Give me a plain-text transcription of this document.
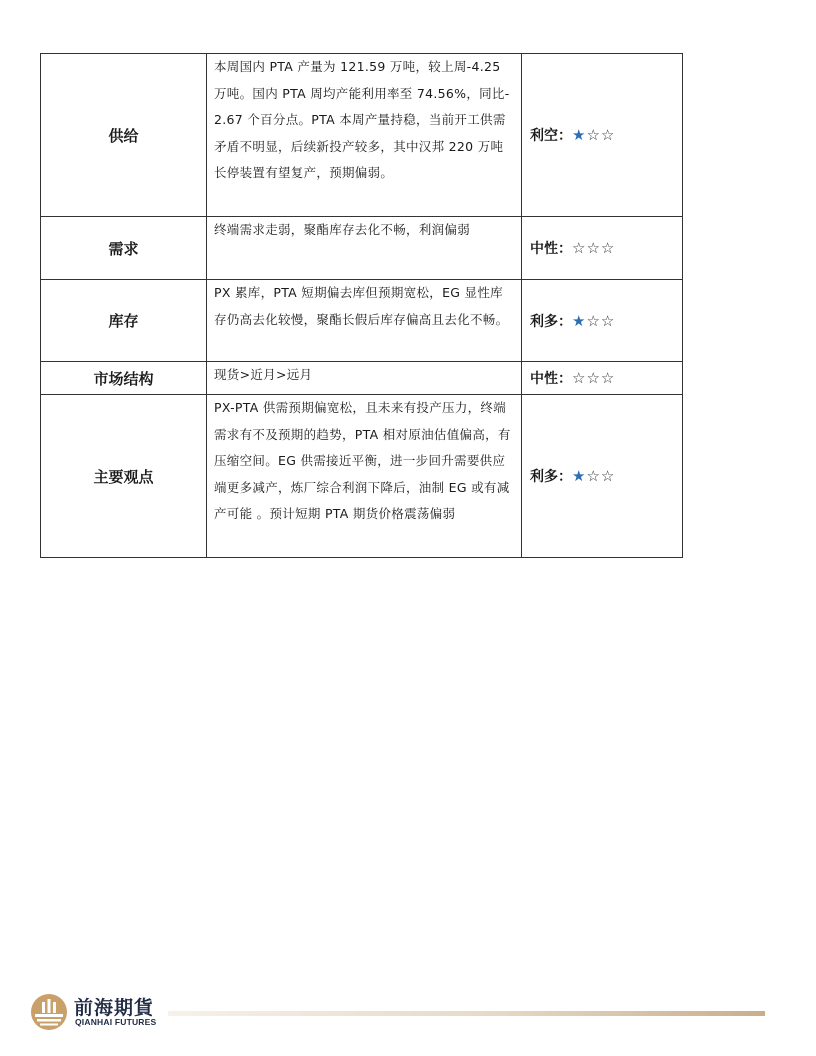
供给	本周国内 PTA 产量为 121.59 万吨，较上周-4.25 万吨。国内 PTA 周均产能利用率至 74.56%，同比-2.67 个百分点。PTA 本周产量持稳，当前开工供需矛盾不明显，后续新投产较多，其中汉邦 220 万吨长停装置有望复产，预期偏弱。	利空：★☆☆
需求	终端需求走弱，聚酯库存去化不畅，利润偏弱	中性：☆☆☆
库存	PX 累库，PTA 短期偏去库但预期宽松，EG 显性库存仍高去化较慢，聚酯长假后库存偏高且去化不畅。	利多：★☆☆
市场结构	现货>近月>远月	中性：☆☆☆
主要观点	PX-PTA 供需预期偏宽松，且未来有投产压力，终端需求有不及预期的趋势，PTA 相对原油估值偏高，有压缩空间。EG 供需接近平衡，进一步回升需要供应端更多减产，炼厂综合利润下降后，油制 EG 或有减产可能 。预计短期 PTA 期货价格震荡偏弱	利多：★☆☆
前海期貨
QIANHAI FUTURES
